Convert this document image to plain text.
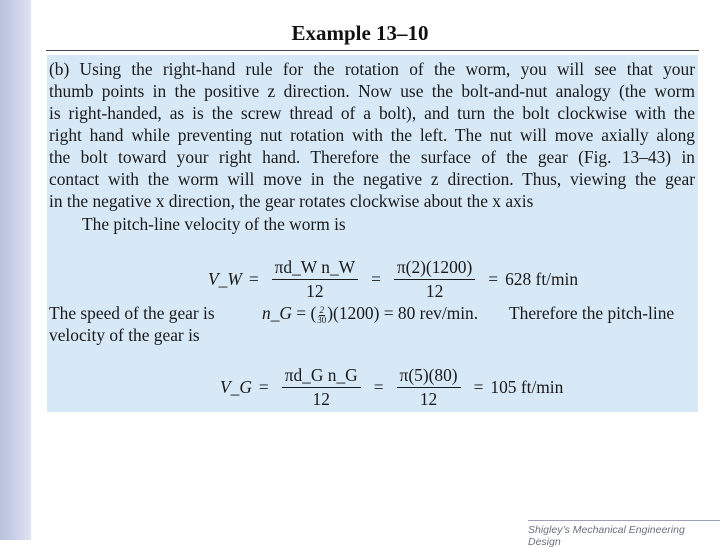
Example 13–10
(b) Using the right-hand rule for the rotation of the worm, you will see that your
thumb points in the positive z direction. Now use the bolt-and-nut analogy (the worm
is right-handed, as is the screw thread of a bolt), and turn the bolt clockwise with the
right hand while preventing nut rotation with the left. The nut will move axially along
the bolt toward your right hand. Therefore the surface of the gear (Fig. 13–43) in
contact with the worm will move in the negative z direction. Thus, viewing the gear
in the negative x direction, the gear rotates clockwise about the x axis
The pitch-line velocity of the worm is
V_W = $\frac{\text{πd\_W n\_W}}{12} = \frac{\pi(2)(1200)}{12} = 628$ ft/min
The speed of the gear is	n_G = ( $\frac{2}{30} )(1200) = 80$ rev/min. Therefore the pitch-line
velocity of the gear is
V_G = $\frac{\text{πd\_G n\_G}}{12} = \frac{\pi(5)(80)}{12} = 105$ ft/min
Shigley’s Mechanical Engineering Design
